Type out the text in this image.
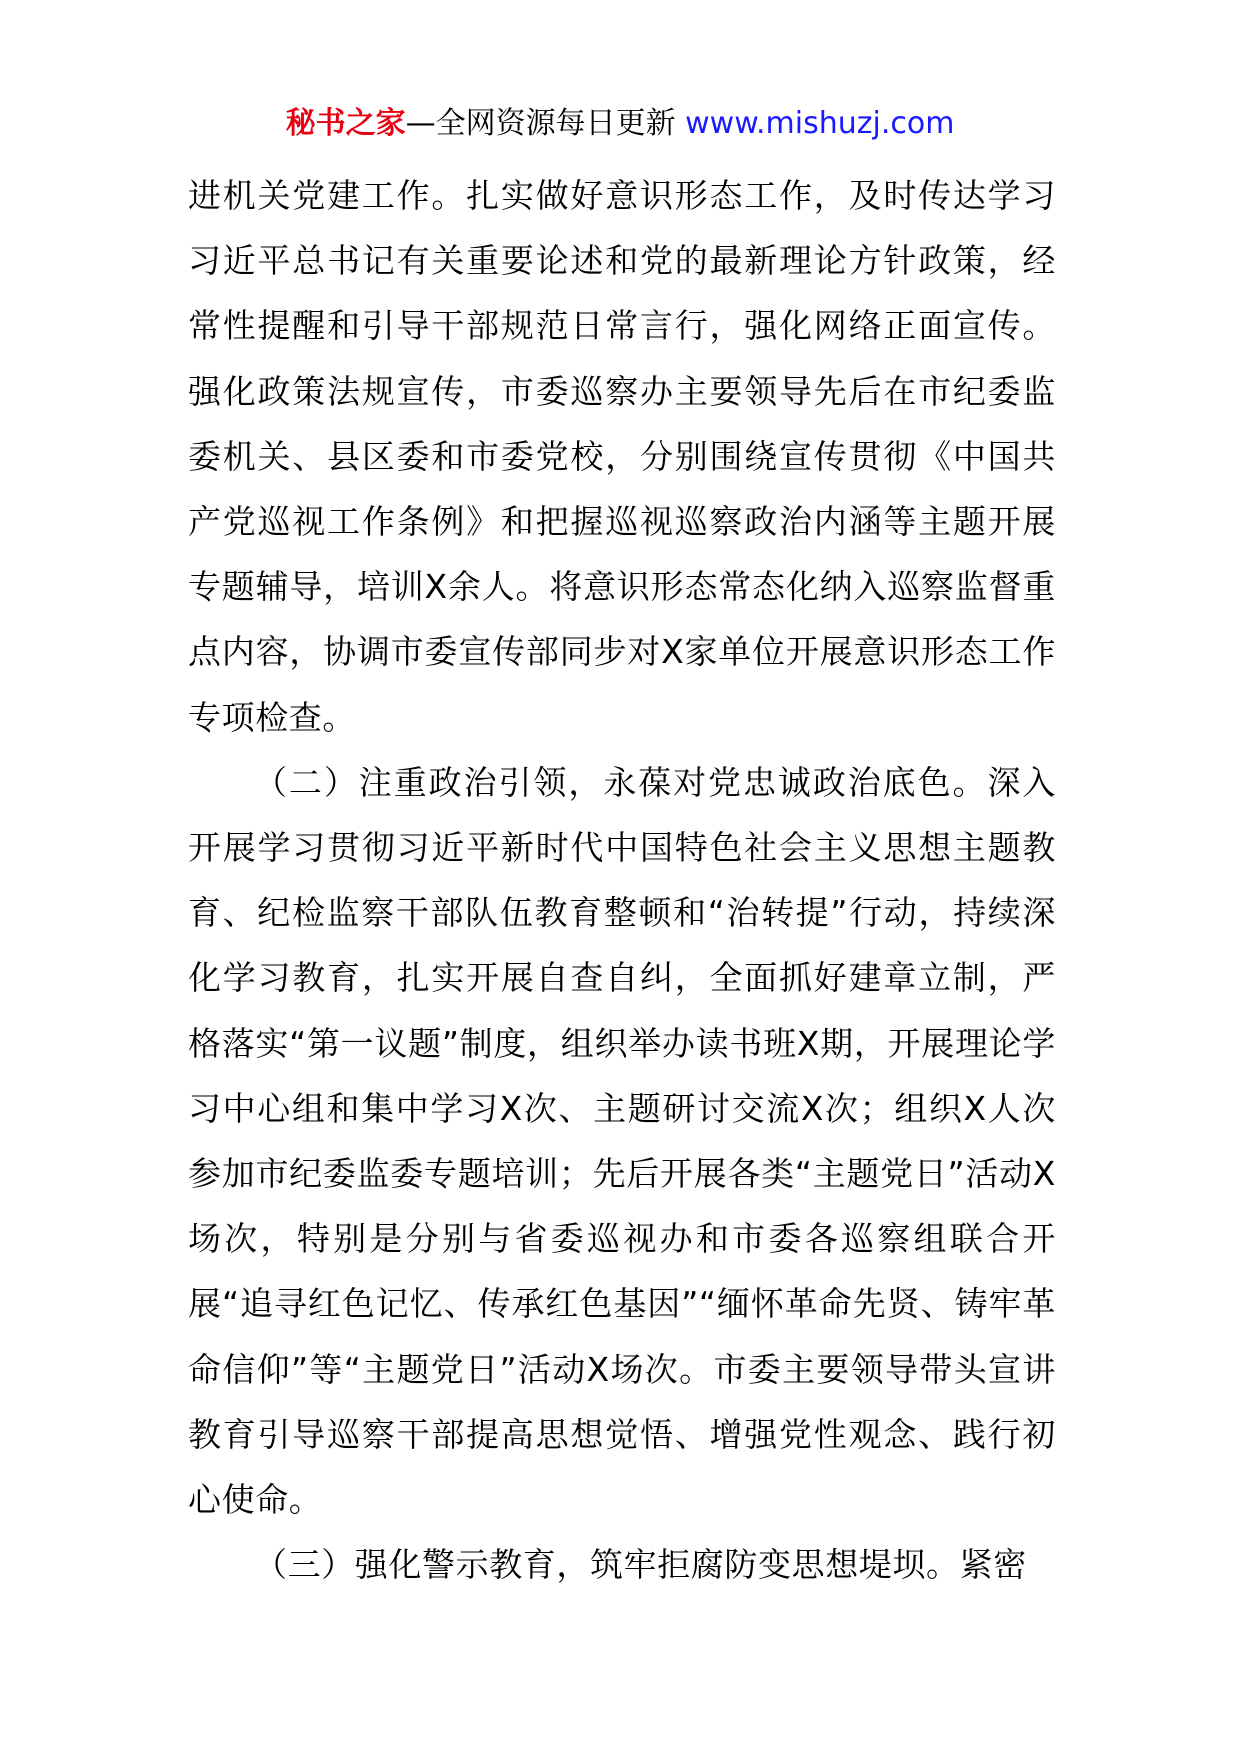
秘书之家—全网资源每日更新 www.mishuzj.com

进机关党建工作。扎实做好意识形态工作，及时传达学习习近平总书记有关重要论述和党的最新理论方针政策，经常性提醒和引导干部规范日常言行，强化网络正面宣传。强化政策法规宣传，市委巡察办主要领导先后在市纪委监委机关、县区委和市委党校，分别围绕宣传贯彻《中国共产党巡视工作条例》和把握巡视巡察政治内涵等主题开展专题辅导，培训X余人。将意识形态常态化纳入巡察监督重点内容，协调市委宣传部同步对X家单位开展意识形态工作专项检查。

（二）注重政治引领，永葆对党忠诚政治底色。深入开展学习贯彻习近平新时代中国特色社会主义思想主题教育、纪检监察干部队伍教育整顿和“治转提”行动，持续深化学习教育，扎实开展自查自纠，全面抓好建章立制，严格落实“第一议题”制度，组织举办读书班X期，开展理论学习中心组和集中学习X次、主题研讨交流X次；组织X人次参加市纪委监委专题培训；先后开展各类“主题党日”活动X场次，特别是分别与省委巡视办和市委各巡察组联合开展“追寻红色记忆、传承红色基因”“缅怀革命先贤、铸牢革命信仰”等“主题党日”活动X场次。市委主要领导带头宣讲教育引导巡察干部提高思想觉悟、增强党性观念、践行初心使命。

（三）强化警示教育，筑牢拒腐防变思想堤坝。紧密
